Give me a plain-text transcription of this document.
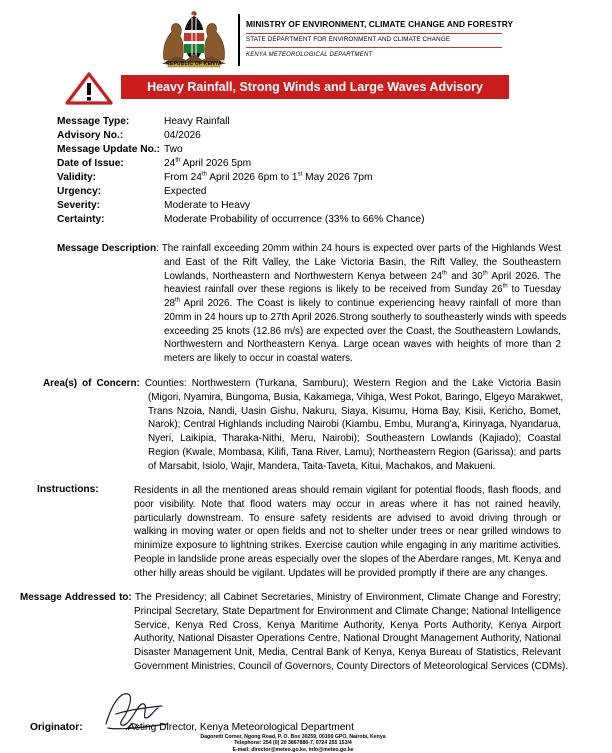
REPUBLIC OF KENYA
MINISTRY OF ENVIRONMENT, CLIMATE CHANGE AND FORESTRY
STATE DEPARTMENT FOR ENVIRONMENT AND CLIMATE CHANGE
KENYA METEOROLOGICAL DEPARTMENT
Heavy Rainfall, Strong Winds and Large Waves Advisory
Message Type:	Heavy Rainfall
Advisory No.:	04/2026
Message Update No.: Two
Date of Issue:	24th April 2026 5pm
Validity:	From 24th April 2026 6pm to 1st May 2026 7pm
Urgency:	Expected
Severity:	Moderate to Heavy
Certainty:	Moderate Probability of occurrence (33% to 66% Chance)
Message Description: The rainfall exceeding 20mm within 24 hours is expected over parts of the Highlands West
and East of the Rift Valley, the Lake Victoria Basin, the Rift Valley, the Southeastern
Lowlands, Northeastern and Northwestern Kenya between 24th and 30th April 2026. The
heaviest rainfall over these regions is likely to be received from Sunday 26th to Tuesday
28th April 2026. The Coast is likely to continue experiencing heavy rainfall of more than
20mm in 24 hours up to 27th April 2026.Strong southerly to southeasterly winds with speeds
exceeding 25 knots (12.86 m/s) are expected over the Coast, the Southeastern Lowlands,
Northwestern and Northeastern Kenya. Large ocean waves with heights of more than 2
meters are likely to occur in coastal waters.
Area(s) of Concern: Counties: Northwestern (Turkana, Samburu); Western Region and the Lake Victoria Basin
(Migori, Nyamira, Bungoma, Busia, Kakamega, Vihiga, West Pokot, Baringo, Elgeyo Marakwet,
Trans Nzoia, Nandi, Uasin Gishu, Nakuru, Siaya, Kisumu, Homa Bay, Kisii, Kericho, Bomet,
Narok); Central Highlands including Nairobi (Kiambu, Embu, Murang'a, Kirinyaga, Nyandarua,
Nyeri, Laikipia, Tharaka-Nithi, Meru, Nairobi); Southeastern Lowlands (Kajiado); Coastal
Region (Kwale, Mombasa, Kilifi, Tana River, Lamu); Northeastern Region (Garissa); and parts
of Marsabit, Isiolo, Wajir, Mandera, Taita-Taveta, Kitui, Machakos, and Makueni.
Instructions:	Residents in all the mentioned areas should remain vigilant for potential floods, flash floods, and
poor visibility. Note that flood waters may occur in areas where it has not rained heavily,
particularly downstream. To ensure safety residents are advised to avoid driving through or
walking in moving water or open fields and not to shelter under trees or near grilled windows to
minimize exposure to lightning strikes. Exercise caution while engaging in any maritime activities.
People in landslide prone areas especially over the slopes of the Aberdare ranges, Mt. Kenya and
other hilly areas should be vigilant. Updates will be provided promptly if there are any changes.
Message Addressed to: The Presidency; all Cabinet Secretaries, Ministry of Environment, Climate Change and Forestry;
Principal Secretary, State Department for Environment and Climate Change; National Intelligence
Service, Kenya Red Cross, Kenya Maritime Authority, Kenya Ports Authority, Kenya Airport
Authority, National Disaster Operations Centre, National Drought Management Authority, National
Disaster Management Unit, Media, Central Bank of Kenya, Kenya Bureau of Statistics, Relevant
Government Ministries, Council of Governors, County Directors of Meteorological Services (CDMs).
Originator:	Acting Director, Kenya Meteorological Department
Dagoretti Corner, Ngong Road, P. O. Box 30259, 00100 GPO, Nairobi, Kenya
Telephone: 254 (0) 20 3867880-7, 0724 255 153/4
E-mail: director@meteo.go.ke, info@meteo.go.ke
